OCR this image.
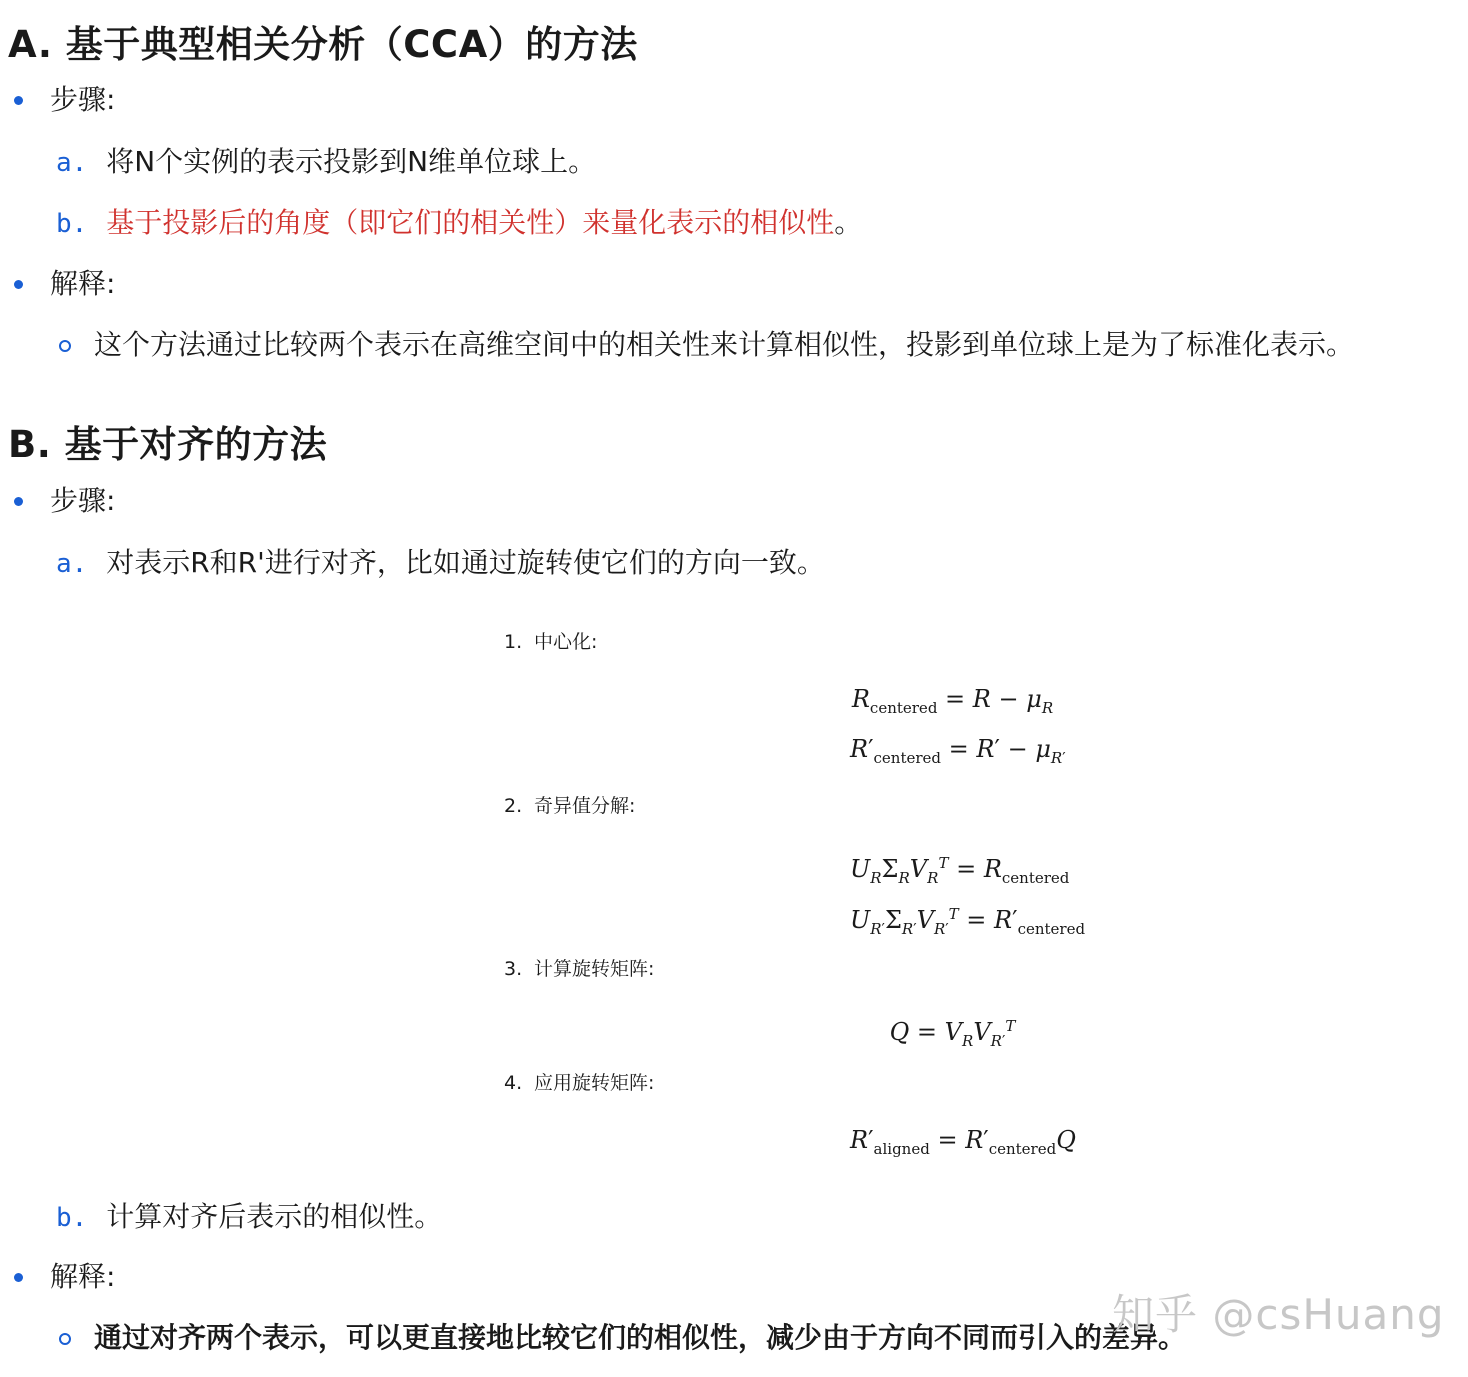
A. 基于典型相关分析（CCA）的方法
步骤:
a. 将N个实例的表示投影到N维单位球上。
b. 基于投影后的角度（即它们的相关性）来量化表示的相似性。
解释:
这个方法通过比较两个表示在高维空间中的相关性来计算相似性，投影到单位球上是为了标准化表示。
B. 基于对齐的方法
步骤:
a. 对表示R和R'进行对齐，比如通过旋转使它们的方向一致。
1. 中心化:
$R_{centered} = R - \mu_R$
$R'_{centered} = R' - \mu_{R'}$
2. 奇异值分解:
$U_R\Sigma_RV_R^T = R_{centered}$
$U_{R'}\Sigma_{R'}V_{R'}^T = R'_{centered}$
3. 计算旋转矩阵:
$Q = V_RV_{R'}^T$
4. 应用旋转矩阵:
$R'_{aligned} = R'_{centered}Q$
b. 计算对齐后表示的相似性。
解释:
通过对齐两个表示，可以更直接地比较它们的相似性，减少由于方向不同而引入的差异。
知乎 @csHuang
